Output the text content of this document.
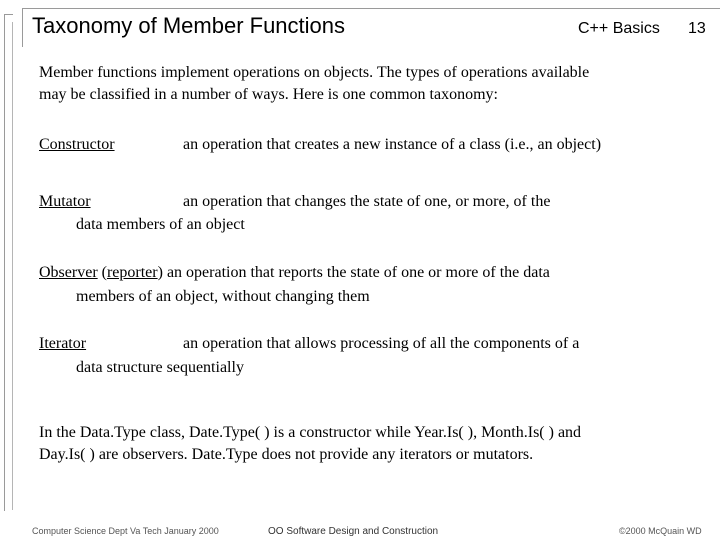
Taxonomy of Member Functions	C++ Basics 13
Member functions implement operations on objects. The types of operations available
may be classified in a number of ways. Here is one common taxonomy:
Constructor	an operation that creates a new instance of a class (i.e., an object)
Mutator	an operation that changes the state of one, or more, of the
data members of an object
Observer (reporter) an operation that reports the state of one or more of the data
members of an object, without changing them
Iterator	an operation that allows processing of all the components of a
data structure sequentially
In the Data.Type class, Date.Type( ) is a constructor while Year.Is( ), Month.Is( ) and
Day.Is( ) are observers. Date.Type does not provide any iterators or mutators.
Computer Science Dept Va Tech January 2000	OO Software Design and Construction	©2000 McQuain WD
